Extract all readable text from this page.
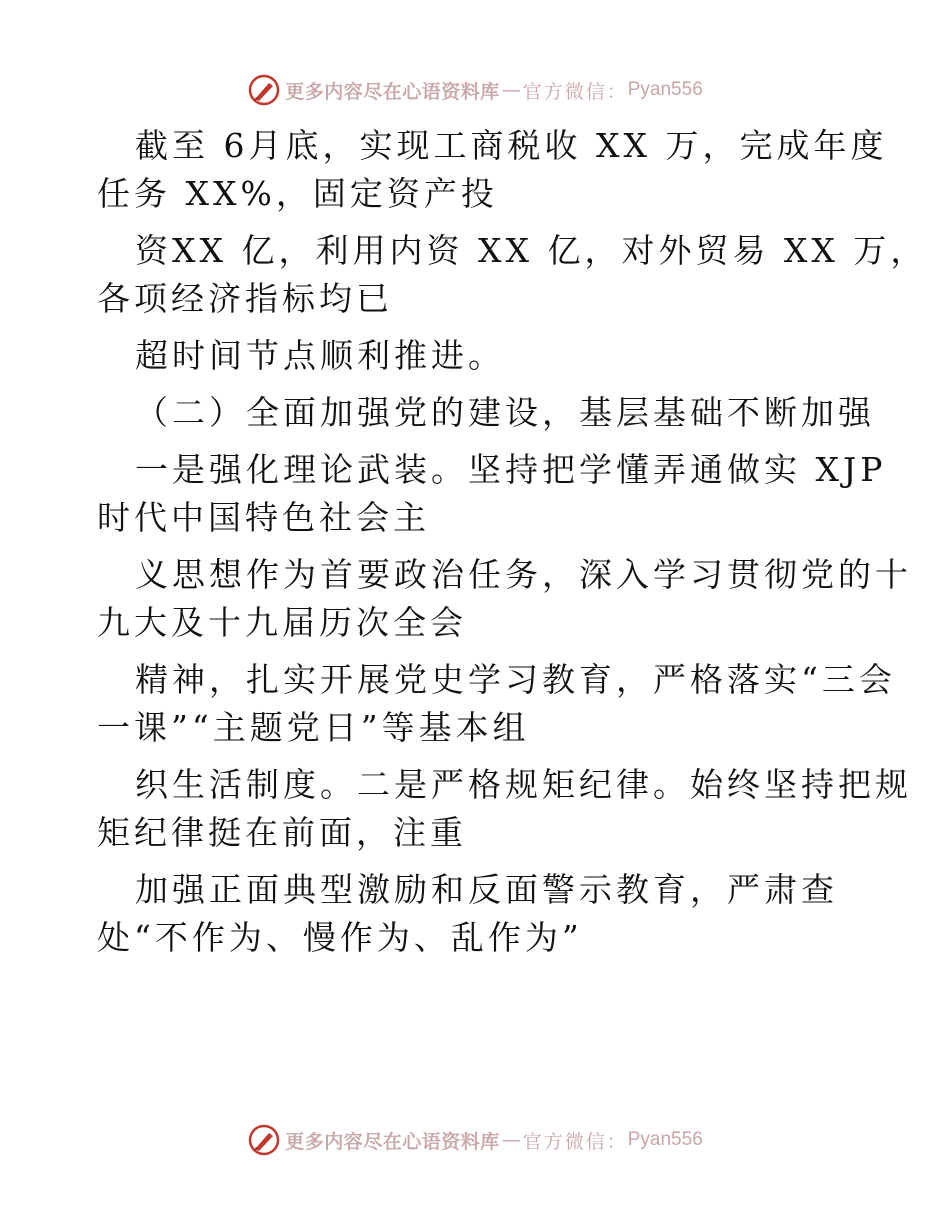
更多内容尽在心语资料库 — 官方微信： Pyan556
截至 6月底，实现工商税收 XX 万，完成年度
任务 XX%，固定资产投
资XX 亿，利用内资 XX 亿，对外贸易 XX 万，
各项经济指标均已
超时间节点顺利推进。
（二）全面加强党的建设，基层基础不断加强
一是强化理论武装。坚持把学懂弄通做实 XJP
时代中国特色社会主
义思想作为首要政治任务，深入学习贯彻党的十
九大及十九届历次全会
精神，扎实开展党史学习教育，严格落实“三会
一课”“主题党日”等基本组
织生活制度。二是严格规矩纪律。始终坚持把规
矩纪律挺在前面，注重
加强正面典型激励和反面警示教育，严肃查
处“不作为、慢作为、乱作为”
更多内容尽在心语资料库 — 官方微信： Pyan556
